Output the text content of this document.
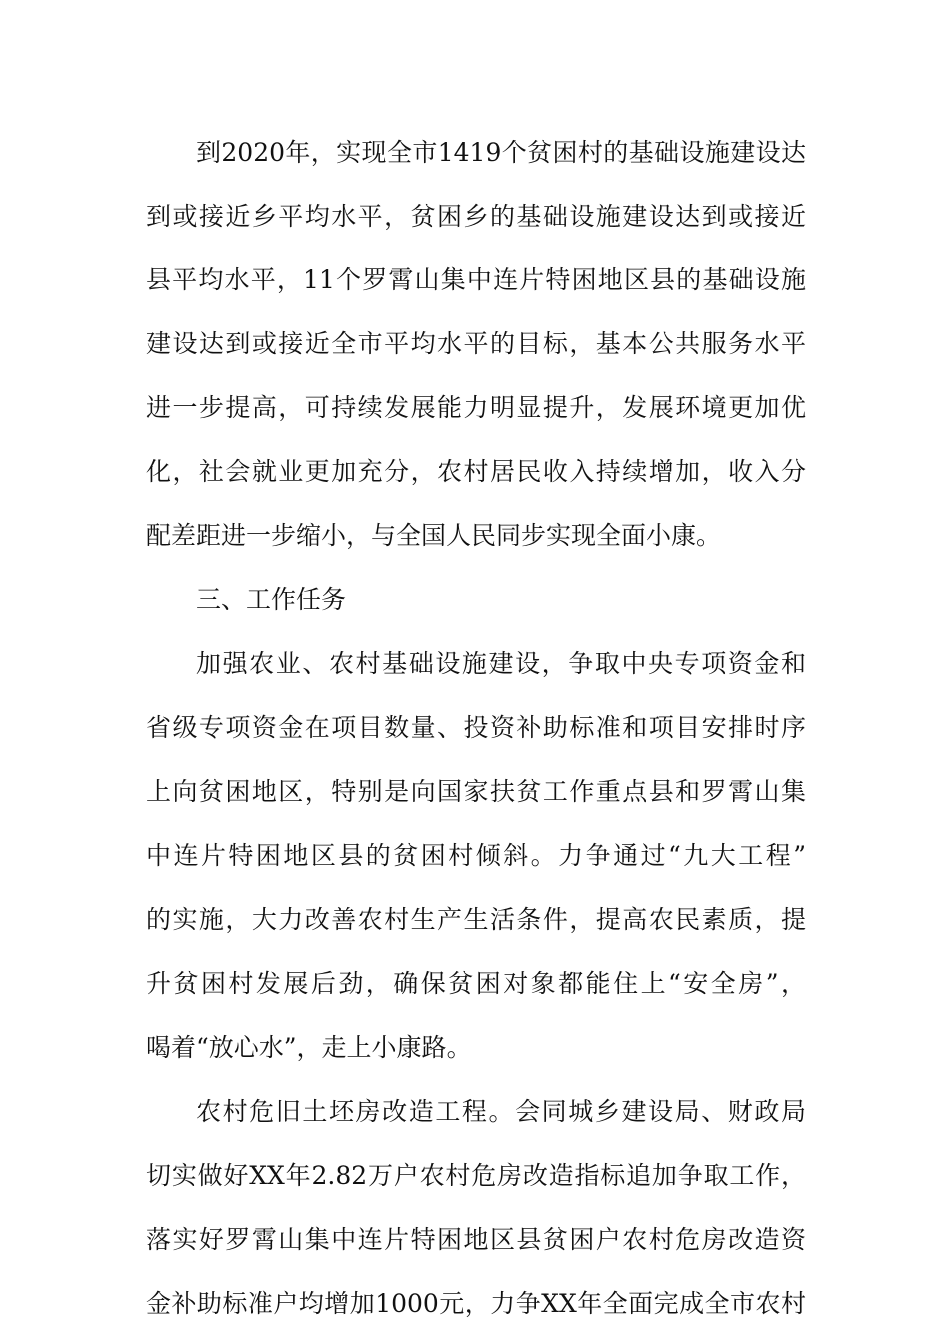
到2020年，实现全市1419个贫困村的基础设施建设达
到或接近乡平均水平，贫困乡的基础设施建设达到或接近
县平均水平，11个罗霄山集中连片特困地区县的基础设施
建设达到或接近全市平均水平的目标，基本公共服务水平
进一步提高，可持续发展能力明显提升，发展环境更加优
化，社会就业更加充分，农村居民收入持续增加，收入分
配差距进一步缩小，与全国人民同步实现全面小康。
三、工作任务
加强农业、农村基础设施建设，争取中央专项资金和
省级专项资金在项目数量、投资补助标准和项目安排时序
上向贫困地区，特别是向国家扶贫工作重点县和罗霄山集
中连片特困地区县的贫困村倾斜。力争通过“九大工程”
的实施，大力改善农村生产生活条件，提高农民素质，提
升贫困村发展后劲，确保贫困对象都能住上“安全房”，
喝着“放心水”，走上小康路。
农村危旧土坯房改造工程。会同城乡建设局、财政局
切实做好XX年2.82万户农村危房改造指标追加争取工作，
落实好罗霄山集中连片特困地区县贫困户农村危房改造资
金补助标准户均增加1000元，力争XX年全面完成全市农村
